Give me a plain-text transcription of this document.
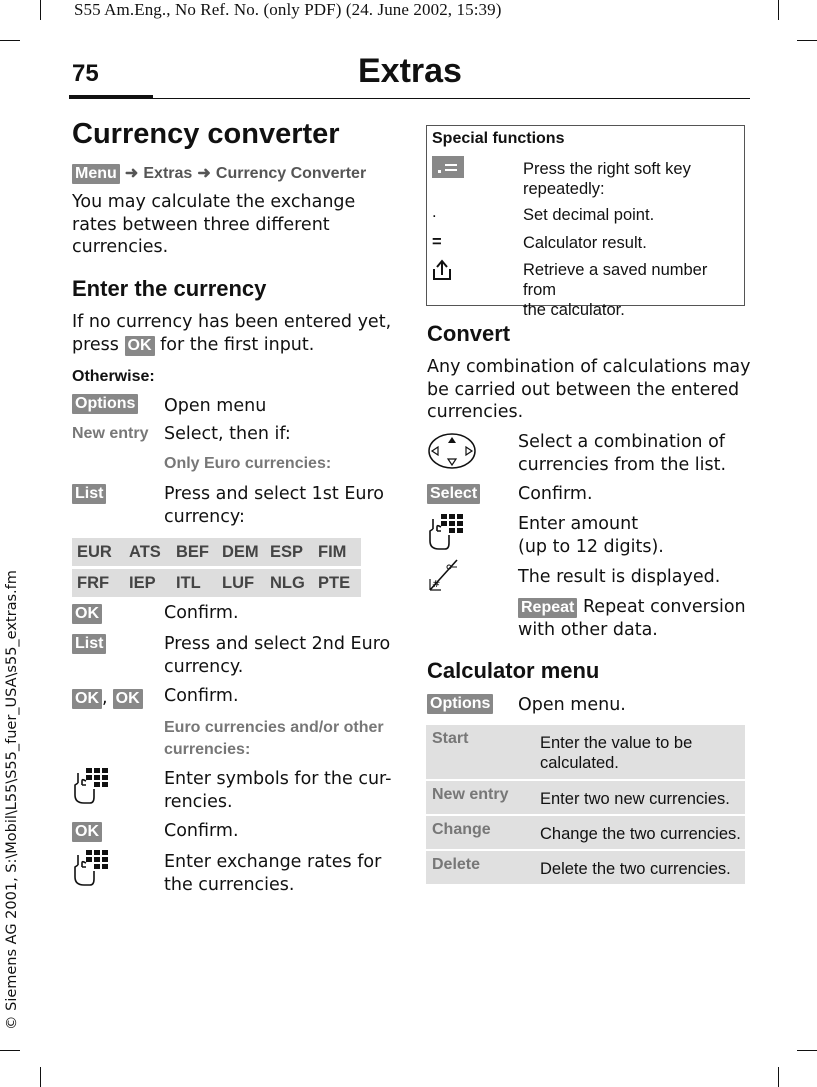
S55 Am.Eng., No Ref. No. (only PDF) (24. June 2002, 15:39)
75	Extras
© Siemens AG 2001, S:\Mobil\L55\S55_fuer_USA\s55_extras.fm
Currency converter
Menu ➜ Extras ➜ Currency Converter
You may calculate the exchange
rates between three different
currencies.
Enter the currency
If no currency has been entered yet,
press OK for the first input.
Otherwise:
Options Open menu
New entry Select, then if:
Only Euro currencies:
List	Press and select 1st Euro
currency:
EUR	ATS	BEF	DEM	ESP	FIM
FRF	IEP	ITL	LUF	NLG	PTE
OK	Confirm.
List	Press and select 2nd Euro
currency.
OK , OK Confirm.
Euro currencies and/or other
currencies:
Enter symbols for the cur-
rencies.
OK	Confirm.
Enter exchange rates for
the currencies.
Special functions
Press the right soft key
repeatedly:
.	Set decimal point.
=	Calculator result.
Retrieve a saved number from
the calculator.
Convert
Any combination of calculations may
be carried out between the entered
currencies.
Select a combination of
currencies from the list.
Select Confirm.
Enter amount
(up to 12 digits).
#	The result is displayed.
Repeat Repeat conversion
with other data.
Calculator menu
Options Open menu.
Start	Enter the value to be
calculated.
New entry Enter two new currencies.
Change	Change the two currencies.
Delete	Delete the two currencies.
